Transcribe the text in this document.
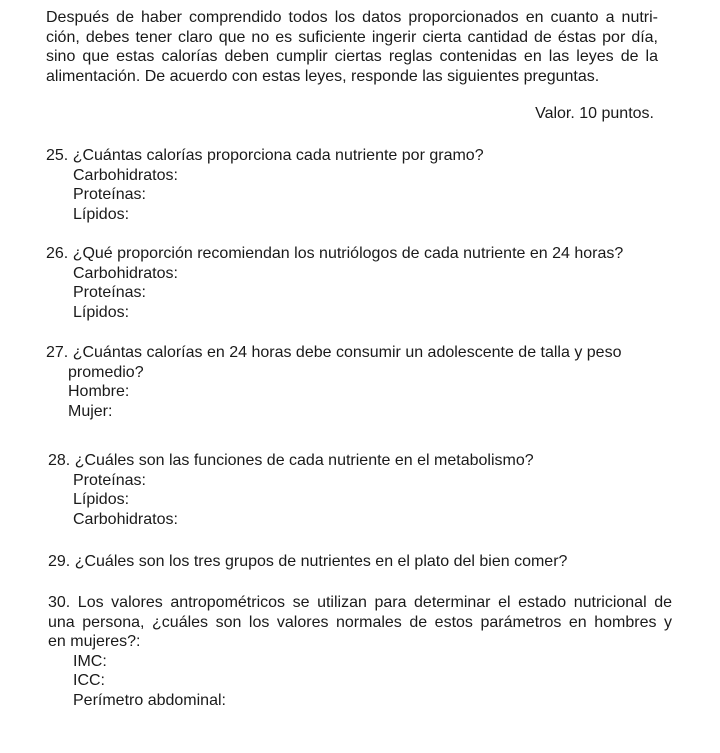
Después de haber comprendido todos los datos proporcionados en cuanto a nutri-
ción, debes tener claro que no es suficiente ingerir cierta cantidad de éstas por día,
sino que estas calorías deben cumplir ciertas reglas contenidas en las leyes de la
alimentación. De acuerdo con estas leyes, responde las siguientes preguntas.

Valor. 10 puntos.

25. ¿Cuántas calorías proporciona cada nutriente por gramo?
Carbohidratos:
Proteínas:
Lípidos:
26. ¿Qué proporción recomiendan los nutriólogos de cada nutriente en 24 horas?
Carbohidratos:
Proteínas:
Lípidos:
27. ¿Cuántas calorías en 24 horas debe consumir un adolescente de talla y peso
promedio?
Hombre:
Mujer:
28. ¿Cuáles son las funciones de cada nutriente en el metabolismo?
Proteínas:
Lípidos:
Carbohidratos:
29. ¿Cuáles son los tres grupos de nutrientes en el plato del bien comer?
30. Los valores antropométricos se utilizan para determinar el estado nutricional de
una persona, ¿cuáles son los valores normales de estos parámetros en hombres y
en mujeres?:
IMC:
ICC:
Perímetro abdominal:
